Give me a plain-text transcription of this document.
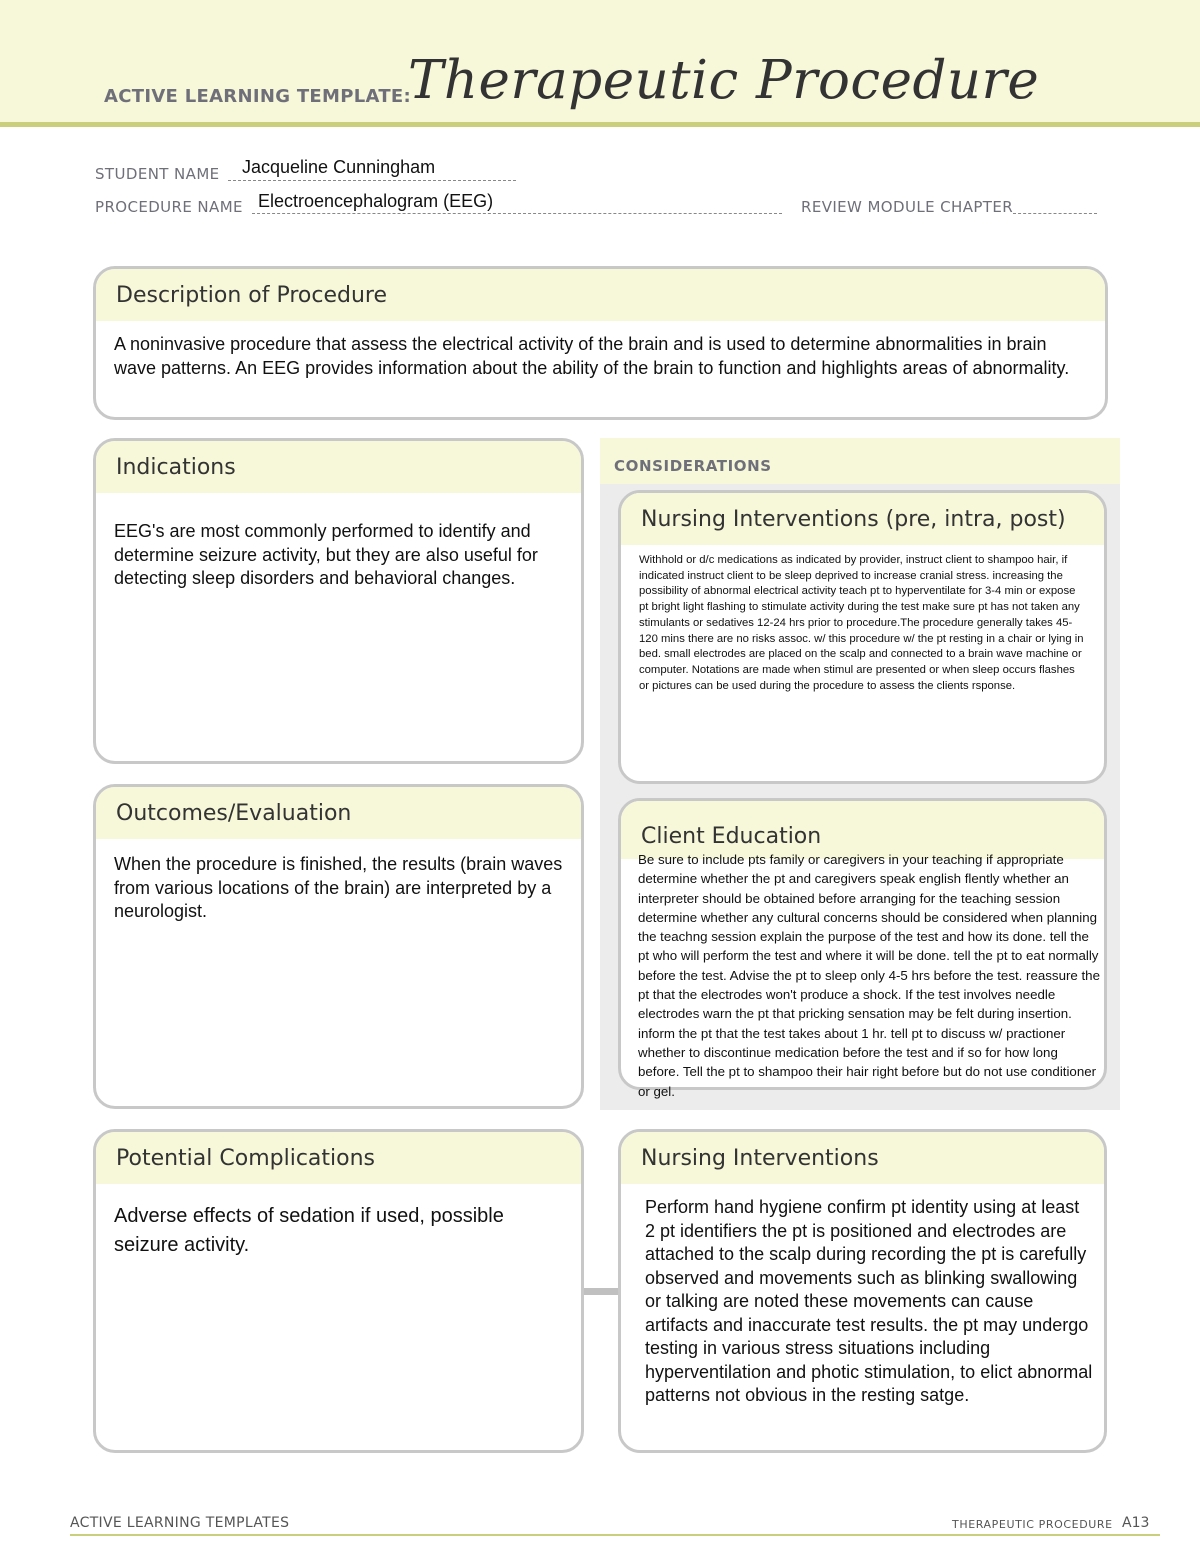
ACTIVE LEARNING TEMPLATE:
Therapeutic Procedure
STUDENT NAME Jacqueline Cunningham
PROCEDURE NAME Electroencephalogram (EEG)	REVIEW MODULE CHAPTER
Description of Procedure
A noninvasive procedure that assess the electrical activity of the brain and is used to determine abnormalities in brain wave patterns. An EEG provides information about the ability of the brain to function and highlights areas of abnormality.
Indications
EEG's are most commonly performed to identify and determine seizure activity, but they are also useful for detecting sleep disorders and behavioral changes.
CONSIDERATIONS
Nursing Interventions (pre, intra, post)
Withhold or d/c medications as indicated by provider, instruct client to shampoo hair, if indicated instruct client to be sleep deprived to increase cranial stress. increasing the possibility of abnormal electrical activity teach pt to hyperventilate for 3-4 min or expose pt bright light flashing to stimulate activity during the test make sure pt has not taken any stimulants or sedatives 12-24 hrs prior to procedure.The procedure generally takes 45-120 mins there are no risks assoc. w/ this procedure w/ the pt resting in a chair or lying in bed. small electrodes are placed on the scalp and connected to a brain wave machine or computer. Notations are made when stimul are presented or when sleep occurs flashes or pictures can be used during the procedure to assess the clients rsponse.
Outcomes/Evaluation
When the procedure is finished, the results (brain waves from various locations of the brain) are interpreted by a neurologist.
Client Education
Be sure to include pts family or caregivers in your teaching if appropriate determine whether the pt and caregivers speak english flently whether an interpreter should be obtained before arranging for the teaching session determine whether any cultural concerns should be considered when planning the teachng session explain the purpose of the test and how its done. tell the pt who will perform the test and where it will be done. tell the pt to eat normally before the test. Advise the pt to sleep only 4-5 hrs before the test. reassure the pt that the electrodes won't produce a shock. If the test involves needle electrodes warn the pt that pricking sensation may be felt during insertion. inform the pt that the test takes about 1 hr. tell pt to discuss w/ practioner whether to discontinue medication before the test and if so for how long before. Tell the pt to shampoo their hair right before but do not use conditioner or gel.
Potential Complications
Adverse effects of sedation if used, possible seizure activity.
Nursing Interventions
Perform hand hygiene confirm pt identity using at least 2 pt identifiers the pt is positioned and electrodes are attached to the scalp during recording the pt is carefully observed and movements such as blinking swallowing or talking are noted these movements can cause artifacts and inaccurate test results. the pt may undergo testing in various stress situations including hyperventilation and photic stimulation, to elict abnormal patterns not obvious in the resting satge.
ACTIVE LEARNING TEMPLATES	THERAPEUTIC PROCEDURE A13
